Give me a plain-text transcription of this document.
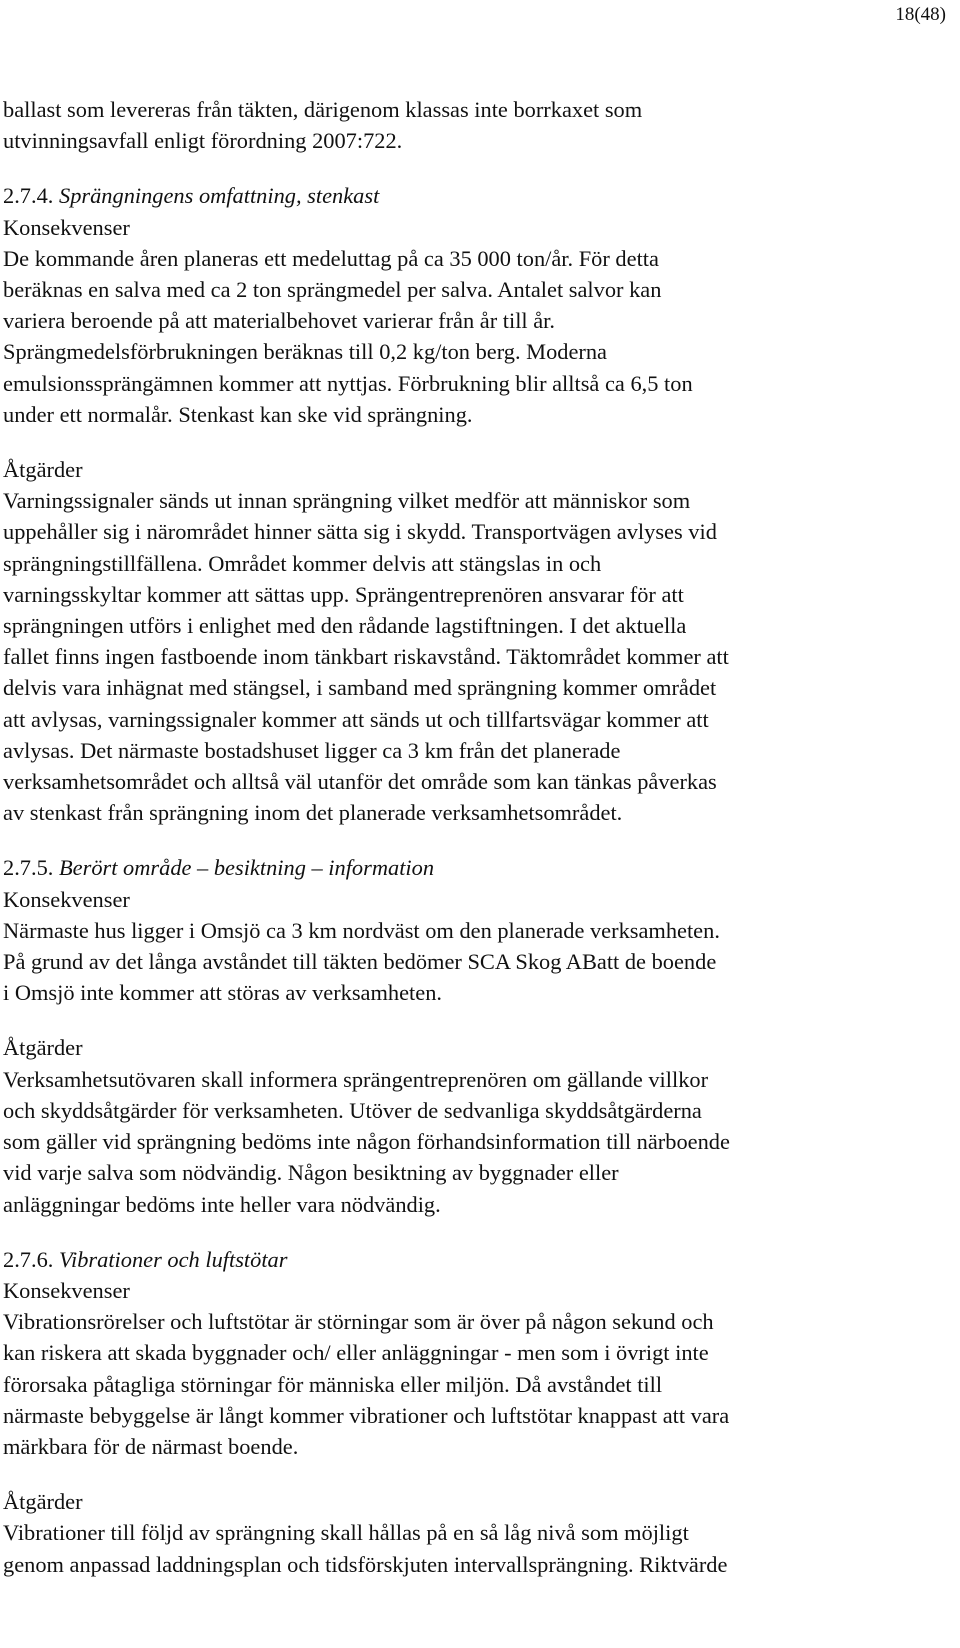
18(48)

ballast som levereras från täkten, därigenom klassas inte borrkaxet som
utvinningsavfall enligt förordning 2007:722.

2.7.4. Sprängningens omfattning, stenkast

Konsekvenser

De kommande åren planeras ett medeluttag på ca 35 000 ton/år. För detta
beräknas en salva med ca 2 ton sprängmedel per salva. Antalet salvor kan
variera beroende på att materialbehovet varierar från år till år.
Sprängmedelsförbrukningen beräknas till 0,2 kg/ton berg. Moderna
emulsionssprängämnen kommer att nyttjas. Förbrukning blir alltså ca 6,5 ton
under ett normalår. Stenkast kan ske vid sprängning.

Åtgärder

Varningssignaler sänds ut innan sprängning vilket medför att människor som
uppehåller sig i närområdet hinner sätta sig i skydd. Transportvägen avlyses vid
sprängningstillfällena. Området kommer delvis att stängslas in och
varningsskyltar kommer att sättas upp. Sprängentreprenören ansvarar för att
sprängningen utförs i enlighet med den rådande lagstiftningen. I det aktuella
fallet finns ingen fastboende inom tänkbart riskavstånd. Täktområdet kommer att
delvis vara inhägnat med stängsel, i samband med sprängning kommer området
att avlysas, varningssignaler kommer att sänds ut och tillfartsvägar kommer att
avlysas. Det närmaste bostadshuset ligger ca 3 km från det planerade
verksamhetsområdet och alltså väl utanför det område som kan tänkas påverkas
av stenkast från sprängning inom det planerade verksamhetsområdet.

2.7.5. Berört område – besiktning – information

Konsekvenser

Närmaste hus ligger i Omsjö ca 3 km nordväst om den planerade verksamheten.
På grund av det långa avståndet till täkten bedömer SCA Skog ABatt de boende
i Omsjö inte kommer att störas av verksamheten.

Åtgärder

Verksamhetsutövaren skall informera sprängentreprenören om gällande villkor
och skyddsåtgärder för verksamheten. Utöver de sedvanliga skyddsåtgärderna
som gäller vid sprängning bedöms inte någon förhandsinformation till närboende
vid varje salva som nödvändig. Någon besiktning av byggnader eller
anläggningar bedöms inte heller vara nödvändig.

2.7.6. Vibrationer och luftstötar

Konsekvenser

Vibrationsrörelser och luftstötar är störningar som är över på någon sekund och
kan riskera att skada byggnader och/ eller anläggningar - men som i övrigt inte
förorsaka påtagliga störningar för människa eller miljön. Då avståndet till
närmaste bebyggelse är långt kommer vibrationer och luftstötar knappast att vara
märkbara för de närmast boende.

Åtgärder

Vibrationer till följd av sprängning skall hållas på en så låg nivå som möjligt
genom anpassad laddningsplan och tidsförskjuten intervallsprängning. Riktvärde
